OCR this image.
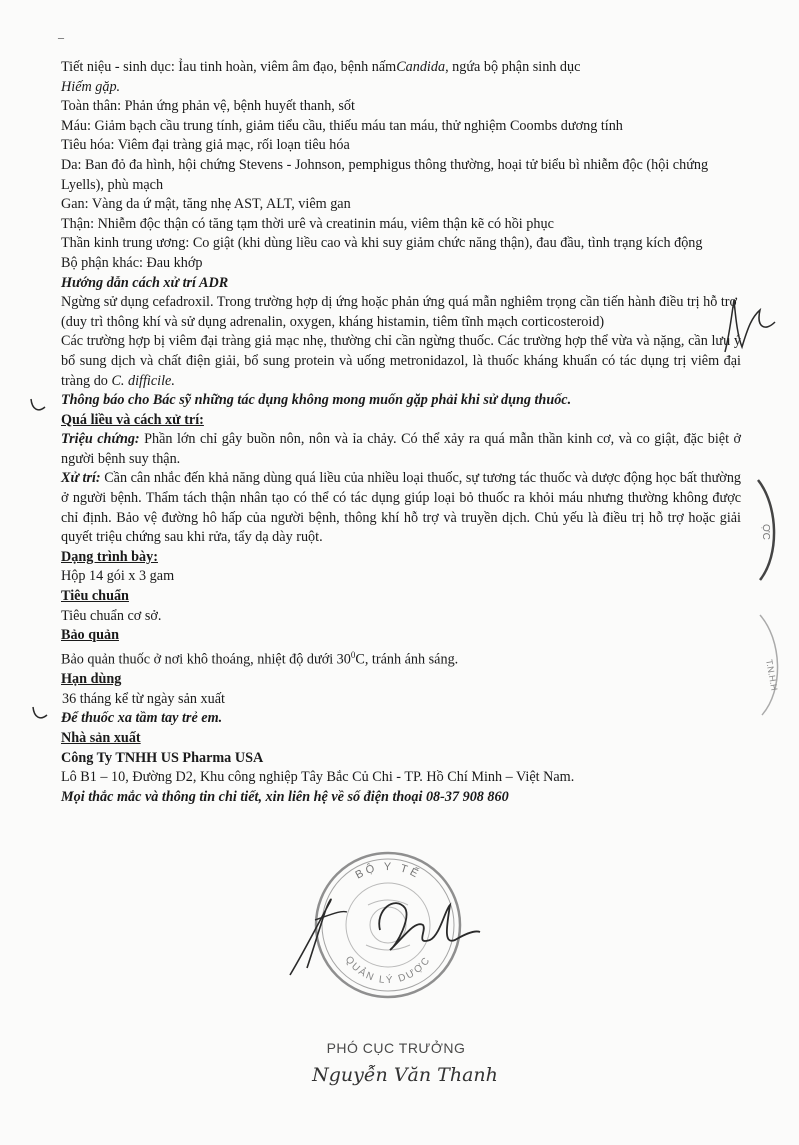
–

Tiết niệu - sinh dục: Ỉau tinh hoàn, viêm âm đạo, bệnh nấmCandida, ngứa bộ phận sinh dục

Hiếm gặp.

Toàn thân: Phản ứng phản vệ, bệnh huyết thanh, sốt

Máu: Giảm bạch cầu trung tính, giảm tiểu cầu, thiếu máu tan máu, thử nghiệm Coombs dương tính

Tiêu hóa: Viêm đại tràng giả mạc, rối loạn tiêu hóa

Da: Ban đỏ đa hình, hội chứng Stevens - Johnson, pemphigus thông thường, hoại tử biểu bì nhiễm độc (hội chứng Lyells), phù mạch

Gan: Vàng da ứ mật, tăng nhẹ AST, ALT, viêm gan

Thận: Nhiễm độc thận có tăng tạm thời urê và creatinin máu, viêm thận kẽ có hồi phục

Thần kinh trung ương: Co giật (khi dùng liều cao và khi suy giảm chức năng thận), đau đầu, tình trạng kích động

Bộ phận khác: Đau khớp

Hướng dẫn cách xử trí ADR

Ngừng sử dụng cefadroxil. Trong trường hợp dị ứng hoặc phản ứng quá mẫn nghiêm trọng cần tiến hành điều trị hỗ trợ (duy trì thông khí và sử dụng adrenalin, oxygen, kháng histamin, tiêm tĩnh mạch corticosteroid)

Các trường hợp bị viêm đại tràng giả mạc nhẹ, thường chỉ cần ngừng thuốc. Các trường hợp thể vừa và nặng, cần lưu ý bổ sung dịch và chất điện giải, bổ sung protein và uống metronidazol, là thuốc kháng khuẩn có tác dụng trị viêm đại tràng do C. difficile.

Thông báo cho Bác sỹ những tác dụng không mong muốn gặp phải khi sử dụng thuốc.

Quá liều và cách xử trí:

Triệu chứng: Phần lớn chỉ gây buồn nôn, nôn và ỉa chảy. Có thể xảy ra quá mẫn thần kinh cơ, và co giật, đặc biệt ở người bệnh suy thận.

Xử trí: Cần cân nhắc đến khả năng dùng quá liều của nhiều loại thuốc, sự tương tác thuốc và dược động học bất thường ở người bệnh. Thẩm tách thận nhân tạo có thể có tác dụng giúp loại bỏ thuốc ra khỏi máu nhưng thường không được chỉ định. Bảo vệ đường hô hấp của người bệnh, thông khí hỗ trợ và truyền dịch. Chủ yếu là điều trị hỗ trợ hoặc giải quyết triệu chứng sau khi rửa, tẩy dạ dày ruột.

Dạng trình bày:

Hộp 14 gói x 3 gam

Tiêu chuẩn

Tiêu chuẩn cơ sở.

Bảo quản

Bảo quản thuốc ở nơi khô thoáng, nhiệt độ dưới $30^0C$, tránh ánh sáng.

Hạn dùng

36 tháng kể từ ngày sản xuất

Để thuốc xa tầm tay trẻ em.

Nhà sản xuất

Công Ty TNHH US Pharma USA

Lô B1 – 10, Đường D2, Khu công nghiệp Tây Bắc Củ Chi - TP. Hồ Chí Minh – Việt Nam.

Mọi thắc mắc và thông tin chi tiết, xin liên hệ về số điện thoại 08-37 908 860

BỘ Y TẾ
QUẢN LÝ DƯỢC
PHÓ CỤC TRƯỞNG
Nguyễn Văn Thanh
ỢC
T.N.H.H
